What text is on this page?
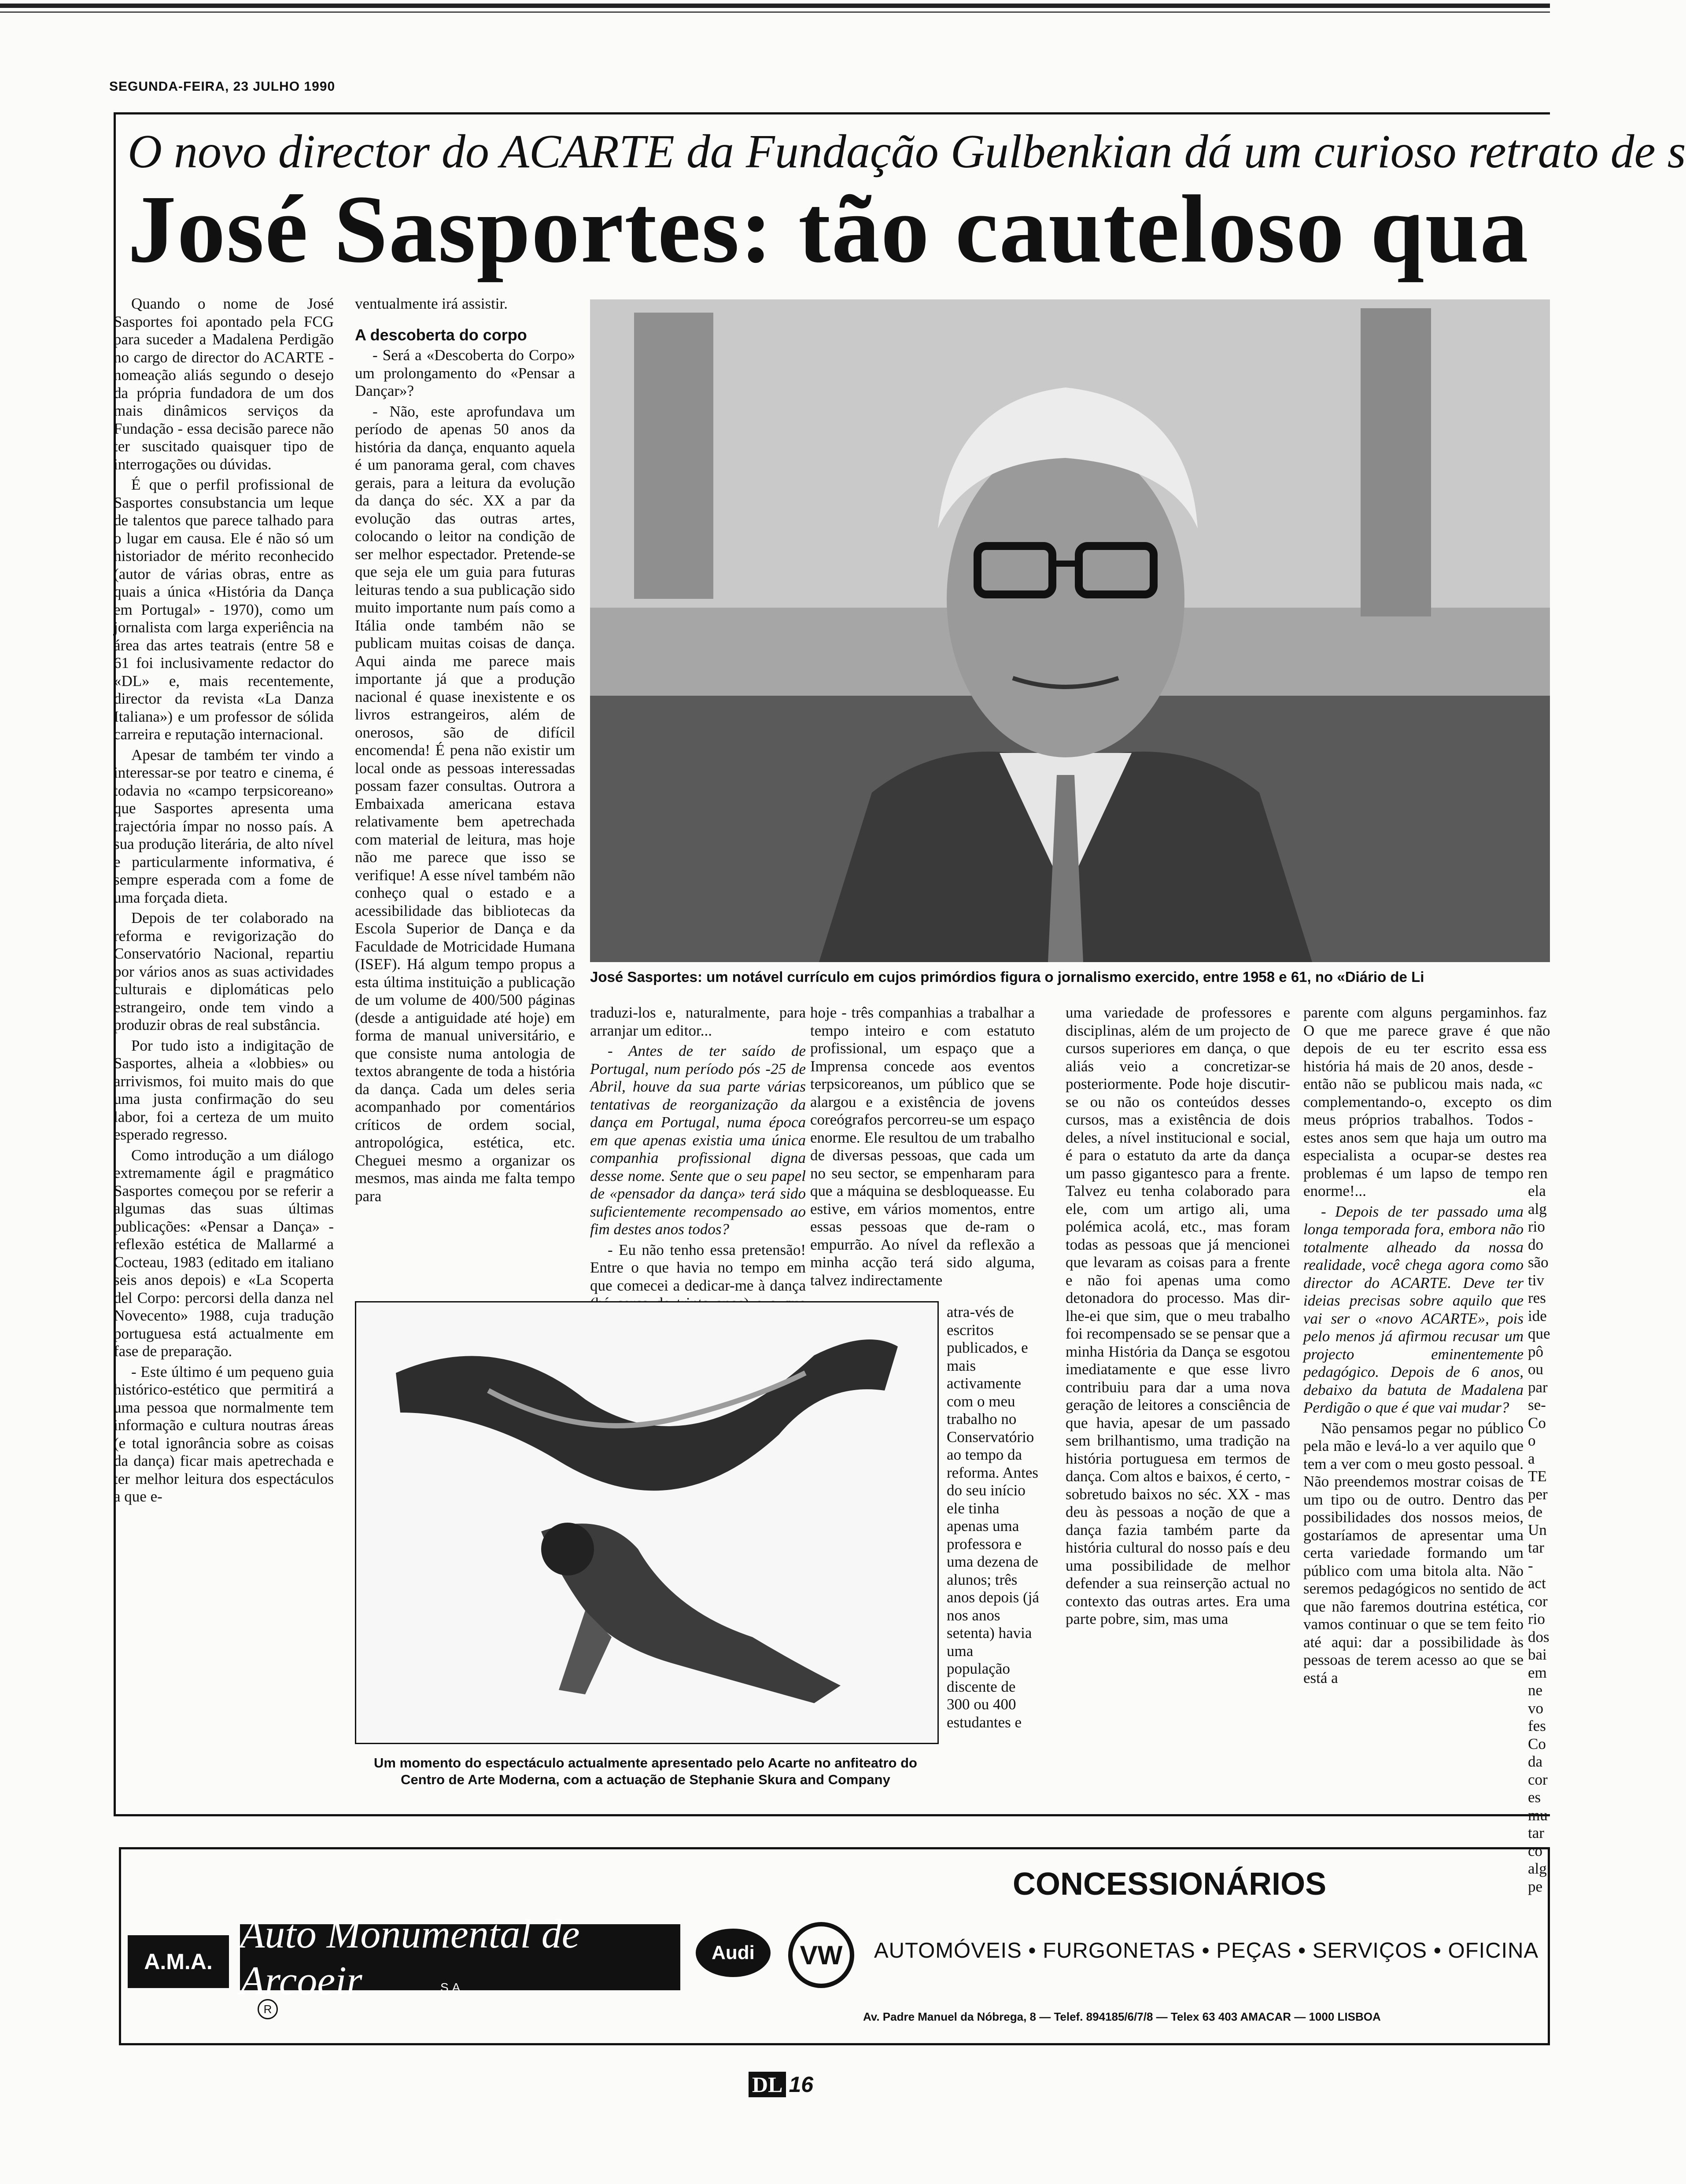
SEGUNDA-FEIRA, 23 JULHO 1990
O novo director do ACARTE da Fundação Gulbenkian dá um curioso retrato de s
José Sasportes: tão cauteloso qua

Quando o nome de José Sasportes foi apontado pela FCG para suceder a Madalena Perdigão no cargo de director do ACARTE - nomeação aliás segundo o desejo da própria fundadora de um dos mais dinâmicos serviços da Fundação - essa decisão parece não ter suscitado quaisquer tipo de interrogações ou dúvidas.

É que o perfil profissional de Sasportes consubstancia um leque de talentos que parece talhado para o lugar em causa. Ele é não só um historiador de mérito reconhecido (autor de várias obras, entre as quais a única «História da Dança em Portugal» - 1970), como um jornalista com larga experiência na área das artes teatrais (entre 58 e 61 foi inclusivamente redactor do «DL» e, mais recentemente, director da revista «La Danza Italiana») e um professor de sólida carreira e reputação internacional.

Apesar de também ter vindo a interessar-se por teatro e cinema, é todavia no «campo terpsicoreano» que Sasportes apresenta uma trajectória ímpar no nosso país. A sua produção literária, de alto nível e particularmente informativa, é sempre esperada com a fome de uma forçada dieta.

Depois de ter colaborado na reforma e revigorização do Conservatório Nacional, repartiu por vários anos as suas actividades culturais e diplomáticas pelo estrangeiro, onde tem vindo a produzir obras de real substância.

Por tudo isto a indigitação de Sasportes, alheia a «lobbies» ou arrivismos, foi muito mais do que uma justa confirmação do seu labor, foi a certeza de um muito esperado regresso.

Como introdução a um diálogo extremamente ágil e pragmático Sasportes começou por se referir a algumas das suas últimas publicações: «Pensar a Dança» - reflexão estética de Mallarmé a Cocteau, 1983 (editado em italiano seis anos depois) e «La Scoperta del Corpo: percorsi della danza nel Novecento» 1988, cuja tradução portuguesa está actualmente em fase de preparação.

- Este último é um pequeno guia histórico-estético que permitirá a uma pessoa que normalmente tem informação e cultura noutras áreas (e total ignorância sobre as coisas da dança) ficar mais apetrechada e ter melhor leitura dos espectáculos a que e-

ventualmente irá assistir.

A descoberta do corpo

- Será a «Descoberta do Corpo» um prolongamento do «Pensar a Dançar»?

- Não, este aprofundava um período de apenas 50 anos da história da dança, enquanto aquela é um panorama geral, com chaves gerais, para a leitura da evolução da dança do séc. XX a par da evolução das outras artes, colocando o leitor na condição de ser melhor espectador. Pretende-se que seja ele um guia para futuras leituras tendo a sua publicação sido muito importante num país como a Itália onde também não se publicam muitas coisas de dança. Aqui ainda me parece mais importante já que a produção nacional é quase inexistente e os livros estrangeiros, além de onerosos, são de difícil encomenda! É pena não existir um local onde as pessoas interessadas possam fazer consultas. Outrora a Embaixada americana estava relativamente bem apetrechada com material de leitura, mas hoje não me parece que isso se verifique! A esse nível também não conheço qual o estado e a acessibilidade das bibliotecas da Escola Superior de Dança e da Faculdade de Motricidade Humana (ISEF). Há algum tempo propus a esta última instituição a publicação de um volume de 400/500 páginas (desde a antiguidade até hoje) em forma de manual universitário, e que consiste numa antologia de textos abrangente de toda a história da dança. Cada um deles seria acompanhado por comentários críticos de ordem social, antropológica, estética, etc. Cheguei mesmo a organizar os mesmos, mas ainda me falta tempo para

José Sasportes: um notável currículo em cujos primórdios figura o jornalismo exercido, entre 1958 e 61, no «Diário de Li

traduzi-los e, naturalmente, para arranjar um editor...

- Antes de ter saído de Portugal, num período pós -25 de Abril, houve da sua parte várias tentativas de reorganização da dança em Portugal, numa época em que apenas existia uma única companhia profissional digna desse nome. Sente que o seu papel de «pensador da dança» terá sido suficientemente recompensado ao fim destes anos todos?

- Eu não tenho essa pretensão! Entre o que havia no tempo em que comecei a dedicar-me à dança

hoje - três companhias a trabalhar a tempo inteiro e com estatuto profissional, um espaço que a Imprensa concede aos eventos terpsicoreanos, um público que se alargou e a existência de jovens coreógrafos percorreu-se um espaço enorme. Ele resultou de um trabalho de diversas pessoas, que cada um no seu sector, se empenharam para que a máquina se desbloqueasse. Eu estive, em vários momentos, entre essas pessoas que de-ram o empurrão. Ao nível da reflexão a minha acção terá sido alguma, talvez indirectamente

atra-vés de escritos publicados, e mais activamente com o meu trabalho no Conservatório ao tempo da reforma. Antes do seu início ele tinha apenas uma professora e uma dezena de alunos; três anos depois (já nos anos setenta) havia uma população discente de 300 ou 400 estudantes e

uma variedade de professores e disciplinas, além de um projecto de cursos superiores em dança, o que aliás veio a concretizar-se posteriormente. Pode hoje discutir-se ou não os conteúdos desses cursos, mas a existência de dois deles, a nível institucional e social, é para o estatuto da arte da dança um passo gigantesco para a frente. Talvez eu tenha colaborado para ele, com um artigo ali, uma polémica acolá, etc., mas foram todas as pessoas que já mencionei que levaram as coisas para a frente e não foi apenas uma como detonadora do processo. Mas dir-lhe-ei que sim, que o meu trabalho foi recompensado se se pensar que a minha História da Dança se esgotou imediatamente e que esse livro contribuiu para dar a uma nova geração de leitores a consciência de que havia, apesar de um passado sem brilhantismo, uma tradição na história portuguesa em termos de dança. Com altos e baixos, é certo, - sobretudo baixos no séc. XX - mas deu às pessoas a noção de que a dança fazia também parte da história cultural do nosso país e deu uma possibilidade de melhor defender a sua reinserção actual no contexto das outras artes. Era uma parte pobre, sim, mas uma

parente com alguns pergaminhos. O que me parece grave é que depois de eu ter escrito essa história há mais de 20 anos, desde então não se publicou mais nada, complementando-o, excepto os meus próprios trabalhos. Todos estes anos sem que haja um outro especialista a ocupar-se destes problemas é um lapso de tempo enorme!...

- Depois de ter passado uma longa temporada fora, embora não totalmente alheado da nossa realidade, você chega agora como director do ACARTE. Deve ter ideias precisas sobre aquilo que vai ser o «novo ACARTE», pois pelo menos já afirmou recusar um projecto eminentemente pedagógico. Depois de 6 anos, debaixo da batuta de Madalena Perdigão o que é que vai mudar?

Não pensamos pegar no público pela mão e levá-lo a ver aquilo que tem a ver com o meu gosto pessoal. Não preendemos mostrar coisas de um tipo ou de outro. Dentro das possibilidades dos nossos meios, gostaríamos de apresentar uma certa variedade formando um público com uma bitola alta. Não seremos pedagógicos no sentido de que não faremos doutrina estética, vamos continuar o que se tem feito até aqui: dar a possibilidade às pessoas de terem acesso ao que se está a

faz não ess - «c dim - ma rea ren ela alg rio do são tiv res ide que pô ou par se- Co o a TE per de Un tar - act cor rio dos bai em ne vo fes Co da cor es mu tar co alg pe

Um momento do espectáculo actualmente apresentado pelo Acarte no anfiteatro do Centro de Arte Moderna, com a actuação de Stephanie Skura and Company
A.M.A.
Auto Monumental de Arcoeir	S.A.
R
Audi	VW
CONCESSIONÁRIOS
AUTOMÓVEIS • FURGONETAS • PEÇAS • SERVIÇOS • OFICINA
Av. Padre Manuel da Nóbrega, 8 — Telef. 894185/6/7/8 — Telex 63 403 AMACAR — 1000 LISBOA
DL 16
